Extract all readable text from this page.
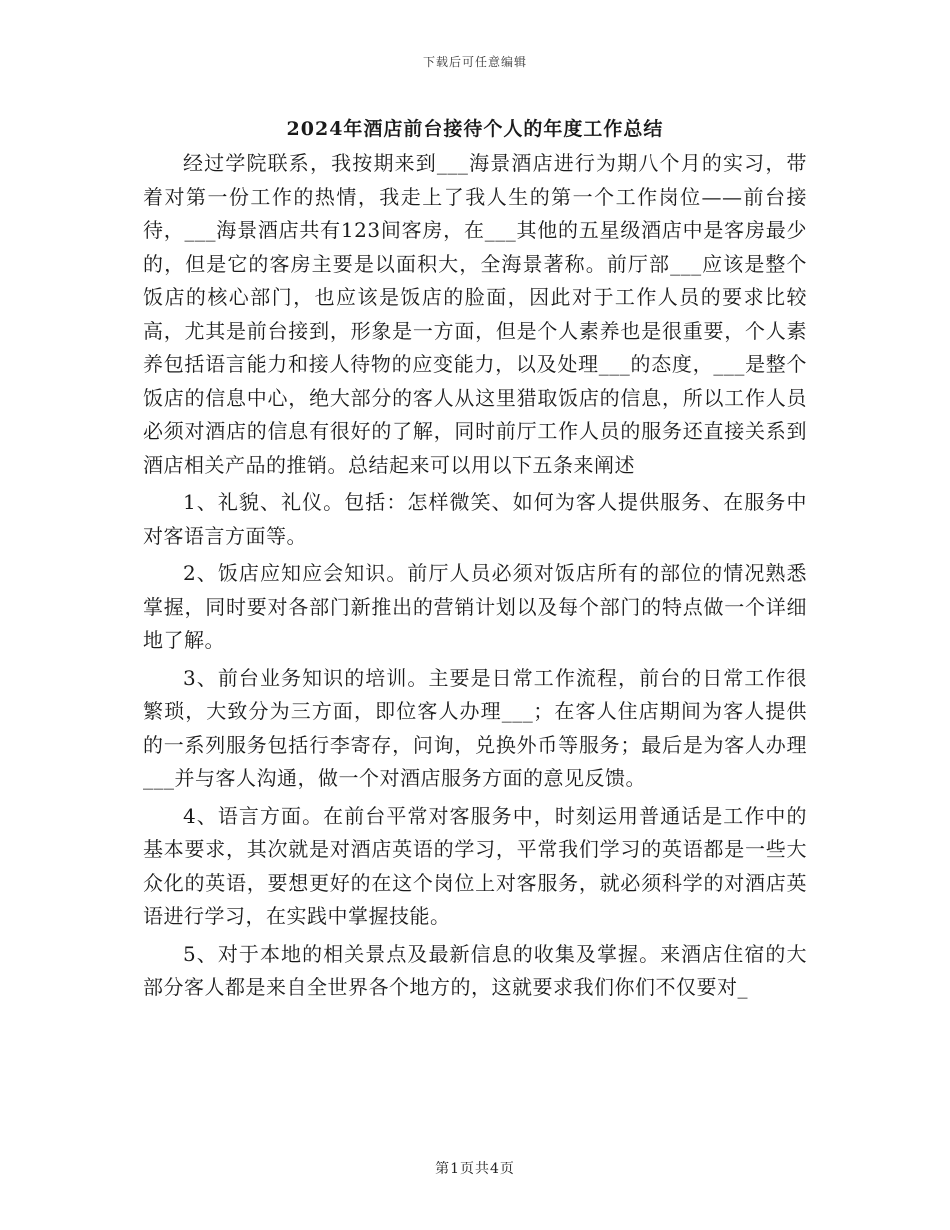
下载后可任意编辑
2024年酒店前台接待个人的年度工作总结

经过学院联系，我按期来到___海景酒店进行为期八个月的实习，带着对第一份工作的热情，我走上了我人生的第一个工作岗位——前台接待，___海景酒店共有123间客房，在___其他的五星级酒店中是客房最少的，但是它的客房主要是以面积大，全海景著称。前厅部___应该是整个饭店的核心部门，也应该是饭店的脸面，因此对于工作人员的要求比较高，尤其是前台接到，形象是一方面，但是个人素养也是很重要，个人素养包括语言能力和接人待物的应变能力，以及处理___的态度，___是整个饭店的信息中心，绝大部分的客人从这里猎取饭店的信息，所以工作人员必须对酒店的信息有很好的了解，同时前厅工作人员的服务还直接关系到酒店相关产品的推销。总结起来可以用以下五条来阐述

1、礼貌、礼仪。包括：怎样微笑、如何为客人提供服务、在服务中对客语言方面等。

2、饭店应知应会知识。前厅人员必须对饭店所有的部位的情况熟悉掌握，同时要对各部门新推出的营销计划以及每个部门的特点做一个详细地了解。

3、前台业务知识的培训。主要是日常工作流程，前台的日常工作很繁琐，大致分为三方面，即位客人办理___；在客人住店期间为客人提供的一系列服务包括行李寄存，问询，兑换外币等服务；最后是为客人办理___并与客人沟通，做一个对酒店服务方面的意见反馈。

4、语言方面。在前台平常对客服务中，时刻运用普通话是工作中的基本要求，其次就是对酒店英语的学习，平常我们学习的英语都是一些大众化的英语，要想更好的在这个岗位上对客服务，就必须科学的对酒店英语进行学习，在实践中掌握技能。

5、对于本地的相关景点及最新信息的收集及掌握。来酒店住宿的大部分客人都是来自全世界各个地方的，这就要求我们你们不仅要对_

第1页共4页
